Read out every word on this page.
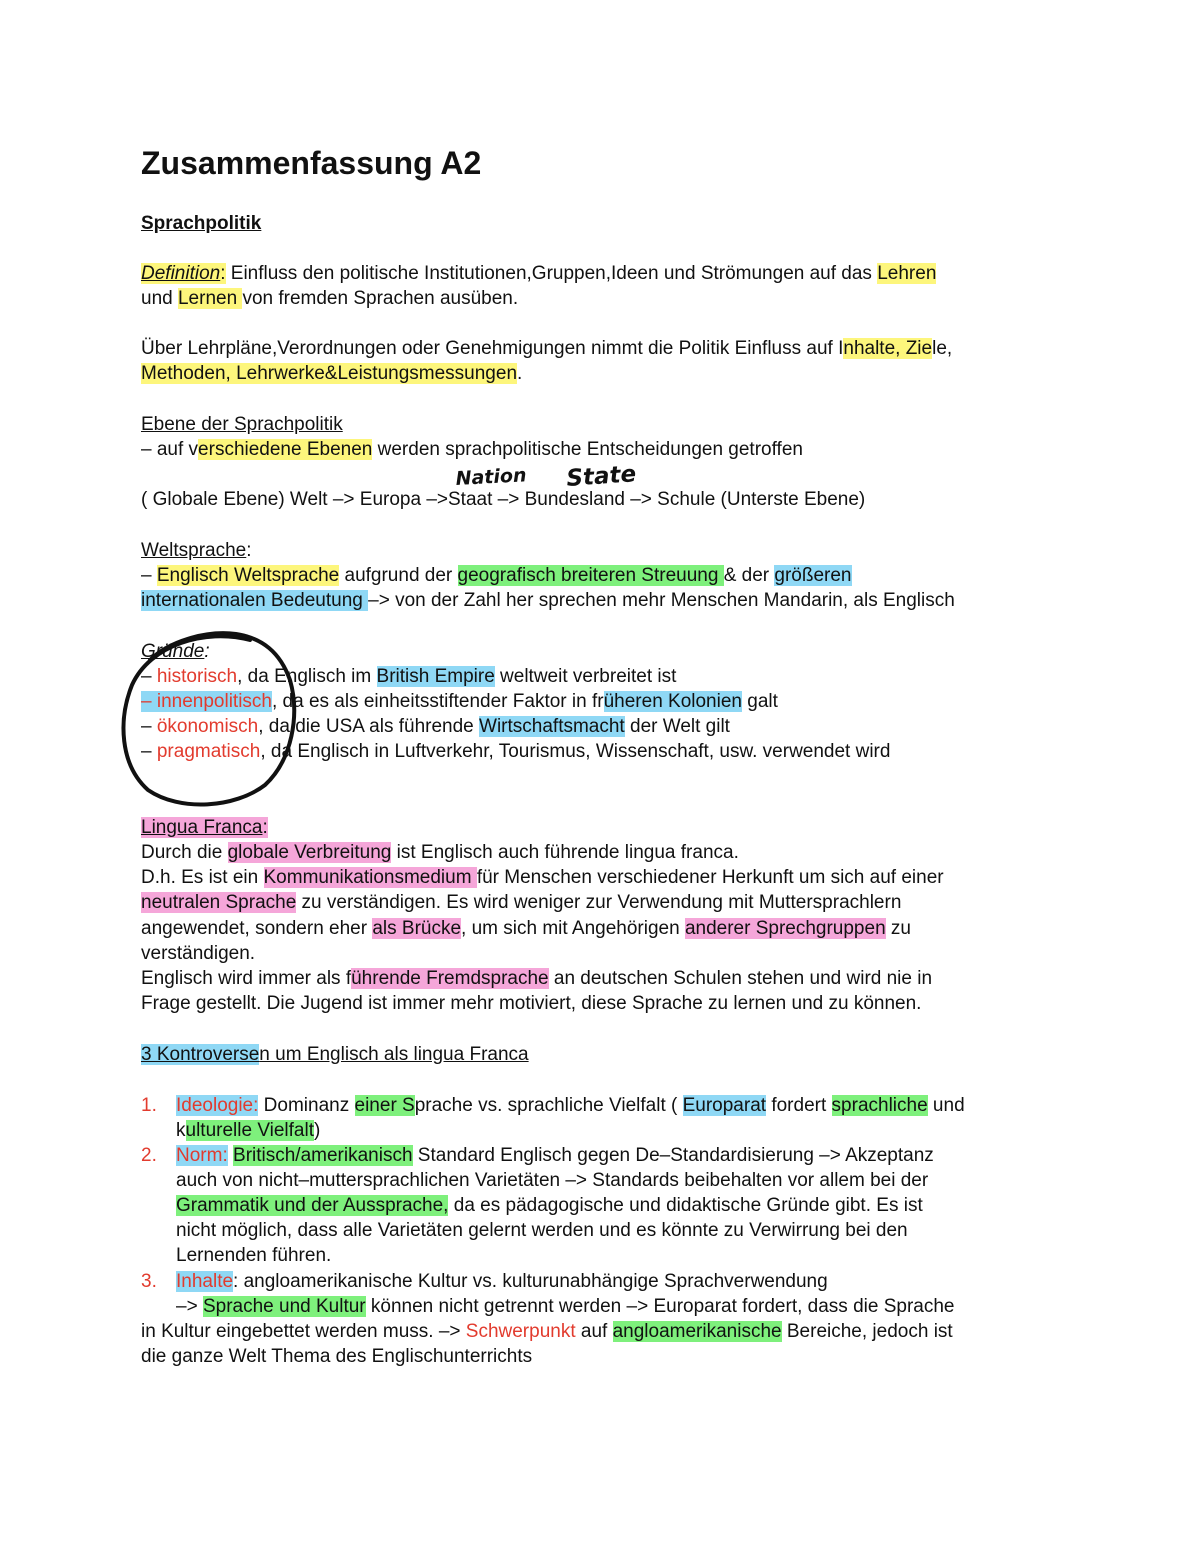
Nation State
Zusammenfassung A2
Sprachpolitik
Definition: Einfluss den politische Institutionen,Gruppen,Ideen und Strömungen auf das Lehren
und Lernen von fremden Sprachen ausüben.
Über Lehrpläne,Verordnungen oder Genehmigungen nimmt die Politik Einfluss auf Inhalte, Ziele,
Methoden, Lehrwerke&Leistungsmessungen.
Ebene der Sprachpolitik
– auf verschiedene Ebenen werden sprachpolitische Entscheidungen getroffen
( Globale Ebene) Welt –> Europa –>Staat –> Bundesland –> Schule (Unterste Ebene)
Weltsprache:
– Englisch Weltsprache aufgrund der geografisch breiteren Streuung & der größeren
internationalen Bedeutung –> von der Zahl her sprechen mehr Menschen Mandarin, als Englisch
Gründe:
– historisch, da Englisch im British Empire weltweit verbreitet ist
– innenpolitisch, da es als einheitsstiftender Faktor in früheren Kolonien galt
– ökonomisch, da die USA als führende Wirtschaftsmacht der Welt gilt
– pragmatisch, da Englisch in Luftverkehr, Tourismus, Wissenschaft, usw. verwendet wird
Lingua Franca:
Durch die globale Verbreitung ist Englisch auch führende lingua franca.
D.h. Es ist ein Kommunikationsmedium für Menschen verschiedener Herkunft um sich auf einer
neutralen Sprache zu verständigen. Es wird weniger zur Verwendung mit Muttersprachlern
angewendet, sondern eher als Brücke, um sich mit Angehörigen anderer Sprechgruppen zu
verständigen.
Englisch wird immer als führende Fremdsprache an deutschen Schulen stehen und wird nie in
Frage gestellt. Die Jugend ist immer mehr motiviert, diese Sprache zu lernen und zu können.
3 Kontroversen um Englisch als lingua Franca
1. Ideologie: Dominanz einer Sprache vs. sprachliche Vielfalt ( Europarat fordert sprachliche und
kulturelle Vielfalt)
2. Norm: Britisch/amerikanisch Standard Englisch gegen De–Standardisierung –> Akzeptanz
auch von nicht–muttersprachlichen Varietäten –> Standards beibehalten vor allem bei der
Grammatik und der Aussprache, da es pädagogische und didaktische Gründe gibt. Es ist
nicht möglich, dass alle Varietäten gelernt werden und es könnte zu Verwirrung bei den
Lernenden führen.
3. Inhalte: angloamerikanische Kultur vs. kulturunabhängige Sprachverwendung
–> Sprache und Kultur können nicht getrennt werden –> Europarat fordert, dass die Sprache
in Kultur eingebettet werden muss. –> Schwerpunkt auf angloamerikanische Bereiche, jedoch ist
die ganze Welt Thema des Englischunterrichts
